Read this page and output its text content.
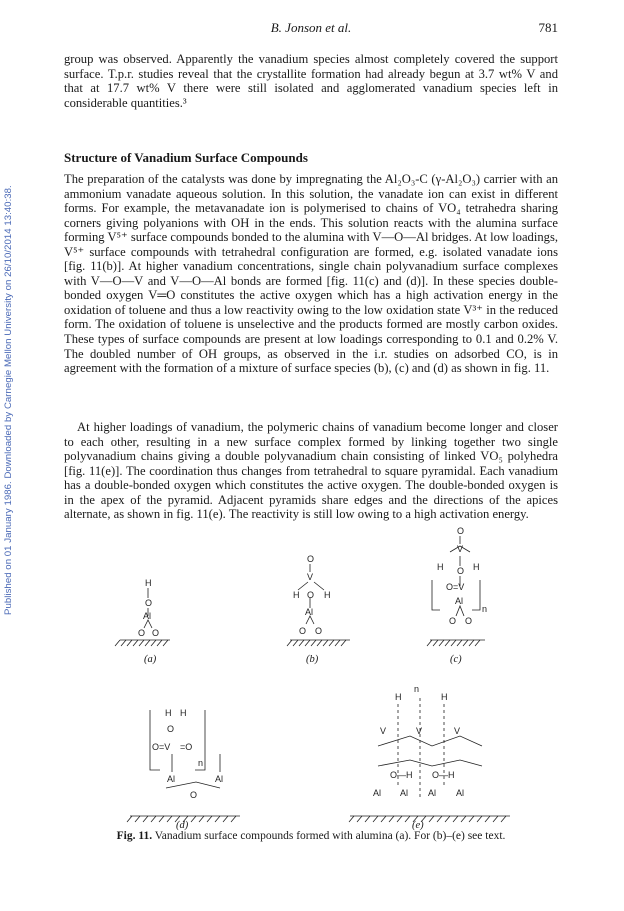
Published on 01 January 1986. Downloaded by Carnegie Mellon University on 26/10/2014 13:40:38.
B. Jonson et al.	781

group was observed. Apparently the vanadium species almost completely covered the support surface. T.p.r. studies reveal that the crystallite formation had already begun at 3.7 wt% V and that at 17.7 wt% V there were still isolated and agglomerated vanadium species left in considerable quantities.³

Structure of Vanadium Surface Compounds

The preparation of the catalysts was done by impregnating the Al₂O₃-C (γ-Al₂O₃) carrier with an ammonium vanadate aqueous solution. In this solution, the vanadate ion can exist in different forms. For example, the metavanadate ion is polymerised to chains of VO₄ tetrahedra sharing corners giving polyanions with OH in the ends. This solution reacts with the alumina surface forming V⁵⁺ surface compounds bonded to the alumina with V—O—Al bridges. At low loadings, V⁵⁺ surface compounds with tetrahedral configuration are formed, e.g. isolated vanadate ions [fig. 11(b)]. At higher vanadium concentrations, single chain polyvanadium surface complexes with V—O—V and V—O—Al bonds are formed [fig. 11(c) and (d)]. In these species double-bonded oxygen V═O constitutes the active oxygen which has a high activation energy in the oxidation of toluene and thus a low reactivity owing to the low oxidation state V³⁺ in the reduced form. The oxidation of toluene is unselective and the products formed are mostly carbon oxides. These types of surface compounds are present at low loadings corresponding to 0.1 and 0.2% V. The doubled number of OH groups, as observed in the i.r. studies on adsorbed CO, is in agreement with the formation of a mixture of surface species (b), (c) and (d) as shown in fig. 11.

At higher loadings of vanadium, the polymeric chains of vanadium become longer and closer to each other, resulting in a new surface complex formed by linking together two single polyvanadium chains giving a double polyvanadium chain consisting of linked VO₅ polyhedra [fig. 11(e)]. The coordination thus changes from tetrahedral to square pyramidal. Each vanadium has a double-bonded oxygen which constitutes the active oxygen. The double-bonded oxygen is in the apex of the pyramid. Adjacent pyramids share edges and the directions of the apices alternate, as shown in fig. 11(e). The reactivity is still low owing to a high activation energy.

H
O
Al
O O
O
V
H O H
Al
O O
O
V
H O H
O=V
n
Al
O O
H H
O
O=V =O
n
Al	Al
O
H
n
H
V	V	V
O—H O—H
Al Al Al Al
(a)	(b)	(c)
(d)	(e)

Fig. 11. Vanadium surface compounds formed with alumina (a). For (b)–(e) see text.
